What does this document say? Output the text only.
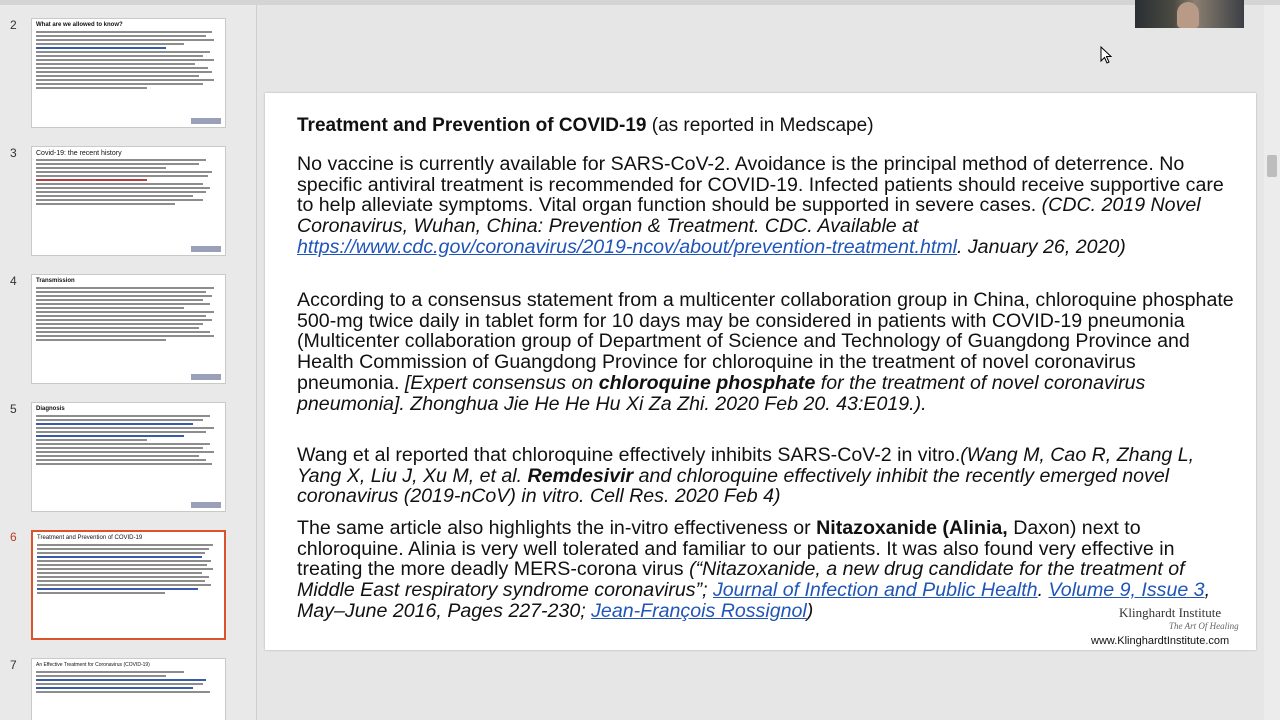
2	What are we allowed to know?
3	Covid-19: the recent history
4	Transmission
5	Diagnosis
6	Treatment and Prevention of COVID-19
7	An Effective Treatment for Coronavirus (COVID-19)
Treatment and Prevention of COVID-19 (as reported in Medscape)
No vaccine is currently available for SARS-CoV-2. Avoidance is the principal method of deterrence. No specific antiviral treatment is recommended for COVID-19. Infected patients should receive supportive care to help alleviate symptoms. Vital organ function should be supported in severe cases. (CDC. 2019 Novel Coronavirus, Wuhan, China: Prevention & Treatment. CDC. Available at https://www.cdc.gov/coronavirus/2019-ncov/about/prevention-treatment.html. January 26, 2020)
According to a consensus statement from a multicenter collaboration group in China, chloroquine phosphate 500-mg twice daily in tablet form for 10 days may be considered in patients with COVID-19 pneumonia (Multicenter collaboration group of Department of Science and Technology of Guangdong Province and Health Commission of Guangdong Province for chloroquine in the treatment of novel coronavirus pneumonia. [Expert consensus on chloroquine phosphate for the treatment of novel coronavirus pneumonia]. Zhonghua Jie He He Hu Xi Za Zhi. 2020 Feb 20. 43:E019.).
Wang et al reported that chloroquine effectively inhibits SARS-CoV-2 in vitro.(Wang M, Cao R, Zhang L, Yang X, Liu J, Xu M, et al. Remdesivir and chloroquine effectively inhibit the recently emerged novel coronavirus (2019-nCoV) in vitro. Cell Res. 2020 Feb 4)
The same article also highlights the in-vitro effectiveness or Nitazoxanide (Alinia, Daxon) next to chloroquine. Alinia is very well tolerated and familiar to our patients. It was also found very effective in treating the more deadly MERS-corona virus (“Nitazoxanide, a new drug candidate for the treatment of Middle East respiratory syndrome coronavirus”; Journal of Infection and Public Health. Volume 9, Issue 3, May–June 2016, Pages 227-230; Jean-François Rossignol)	Klinghardt Institute
The Art Of Healing
www.KlinghardtInstitute.com
